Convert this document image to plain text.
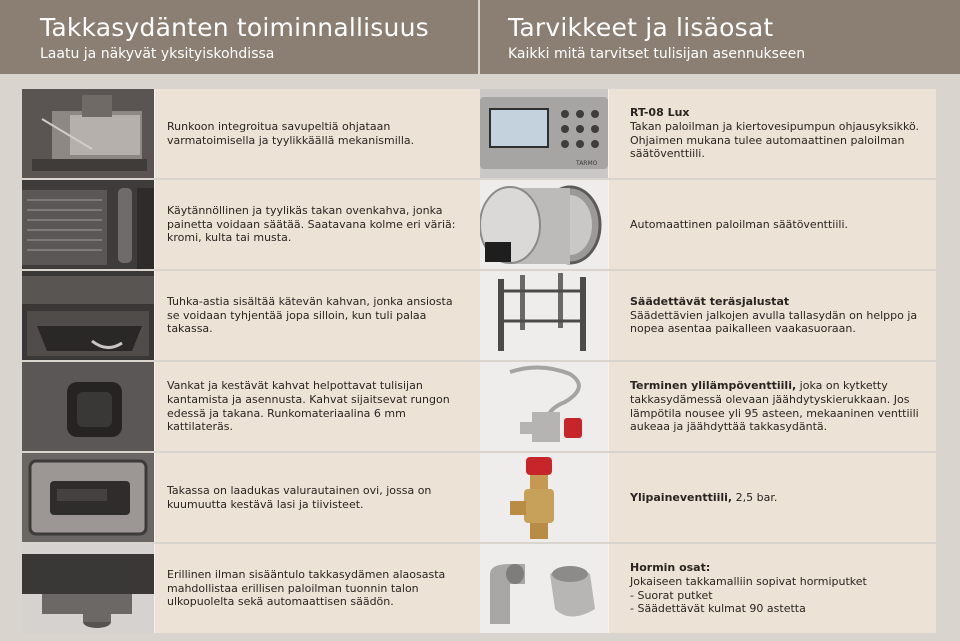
Takkasydänten toiminnallisuus
Laatu ja näkyvät yksityiskohdissa
Tarvikkeet ja lisäosat
Kaikki mitä tarvitset tulisijan asennukseen
Runkoon integroitua savupeltiä ohjataan
varmatoimisella ja tyylikkäällä mekanismilla.
Käytännöllinen ja tyylikäs takan ovenkahva, jonka
painetta voidaan säätää. Saatavana kolme eri väriä:
kromi, kulta tai musta.
Tuhka-astia sisältää kätevän kahvan, jonka ansiosta
se voidaan tyhjentää jopa silloin, kun tuli palaa
takassa.
Vankat ja kestävät kahvat helpottavat tulisijan
kantamista ja asennusta. Kahvat sijaitsevat rungon
edessä ja takana. Runkomateriaalina 6 mm kattilateräs.
Takassa on laadukas valurautainen ovi, jossa on
kuumuutta kestävä lasi ja tiivisteet.
Erillinen ilman sisääntulo takkasydämen alaosasta
mahdollistaa erillisen paloilman tuonnin talon
ulkopuolelta sekä automaattisen säädön.
TARMO
RT-08 Lux
Takan paloilman ja kiertovesipumpun ohjausyksikkö.
Ohjaimen mukana tulee automaattinen paloilman
säätöventtiili.
Automaattinen paloilman säätöventtiili.
Säädettävät teräsjalustat
Säädettävien jalkojen avulla tallasydän on helppo ja
nopea asentaa paikalleen vaakasuoraan.
Terminen ylilämpöventtiili, joka on kytketty
takkasydämessä olevaan jäähdytyskierukkaan. Jos
lämpötila nousee yli 95 asteen, mekaaninen venttiili
aukeaa ja jäähdyttää takkasydäntä.
Ylipaineventtiili, 2,5 bar.
Hormin osat:
Jokaiseen takkamalliin sopivat hormiputket
- Suorat putket
- Säädettävät kulmat 90 astetta
